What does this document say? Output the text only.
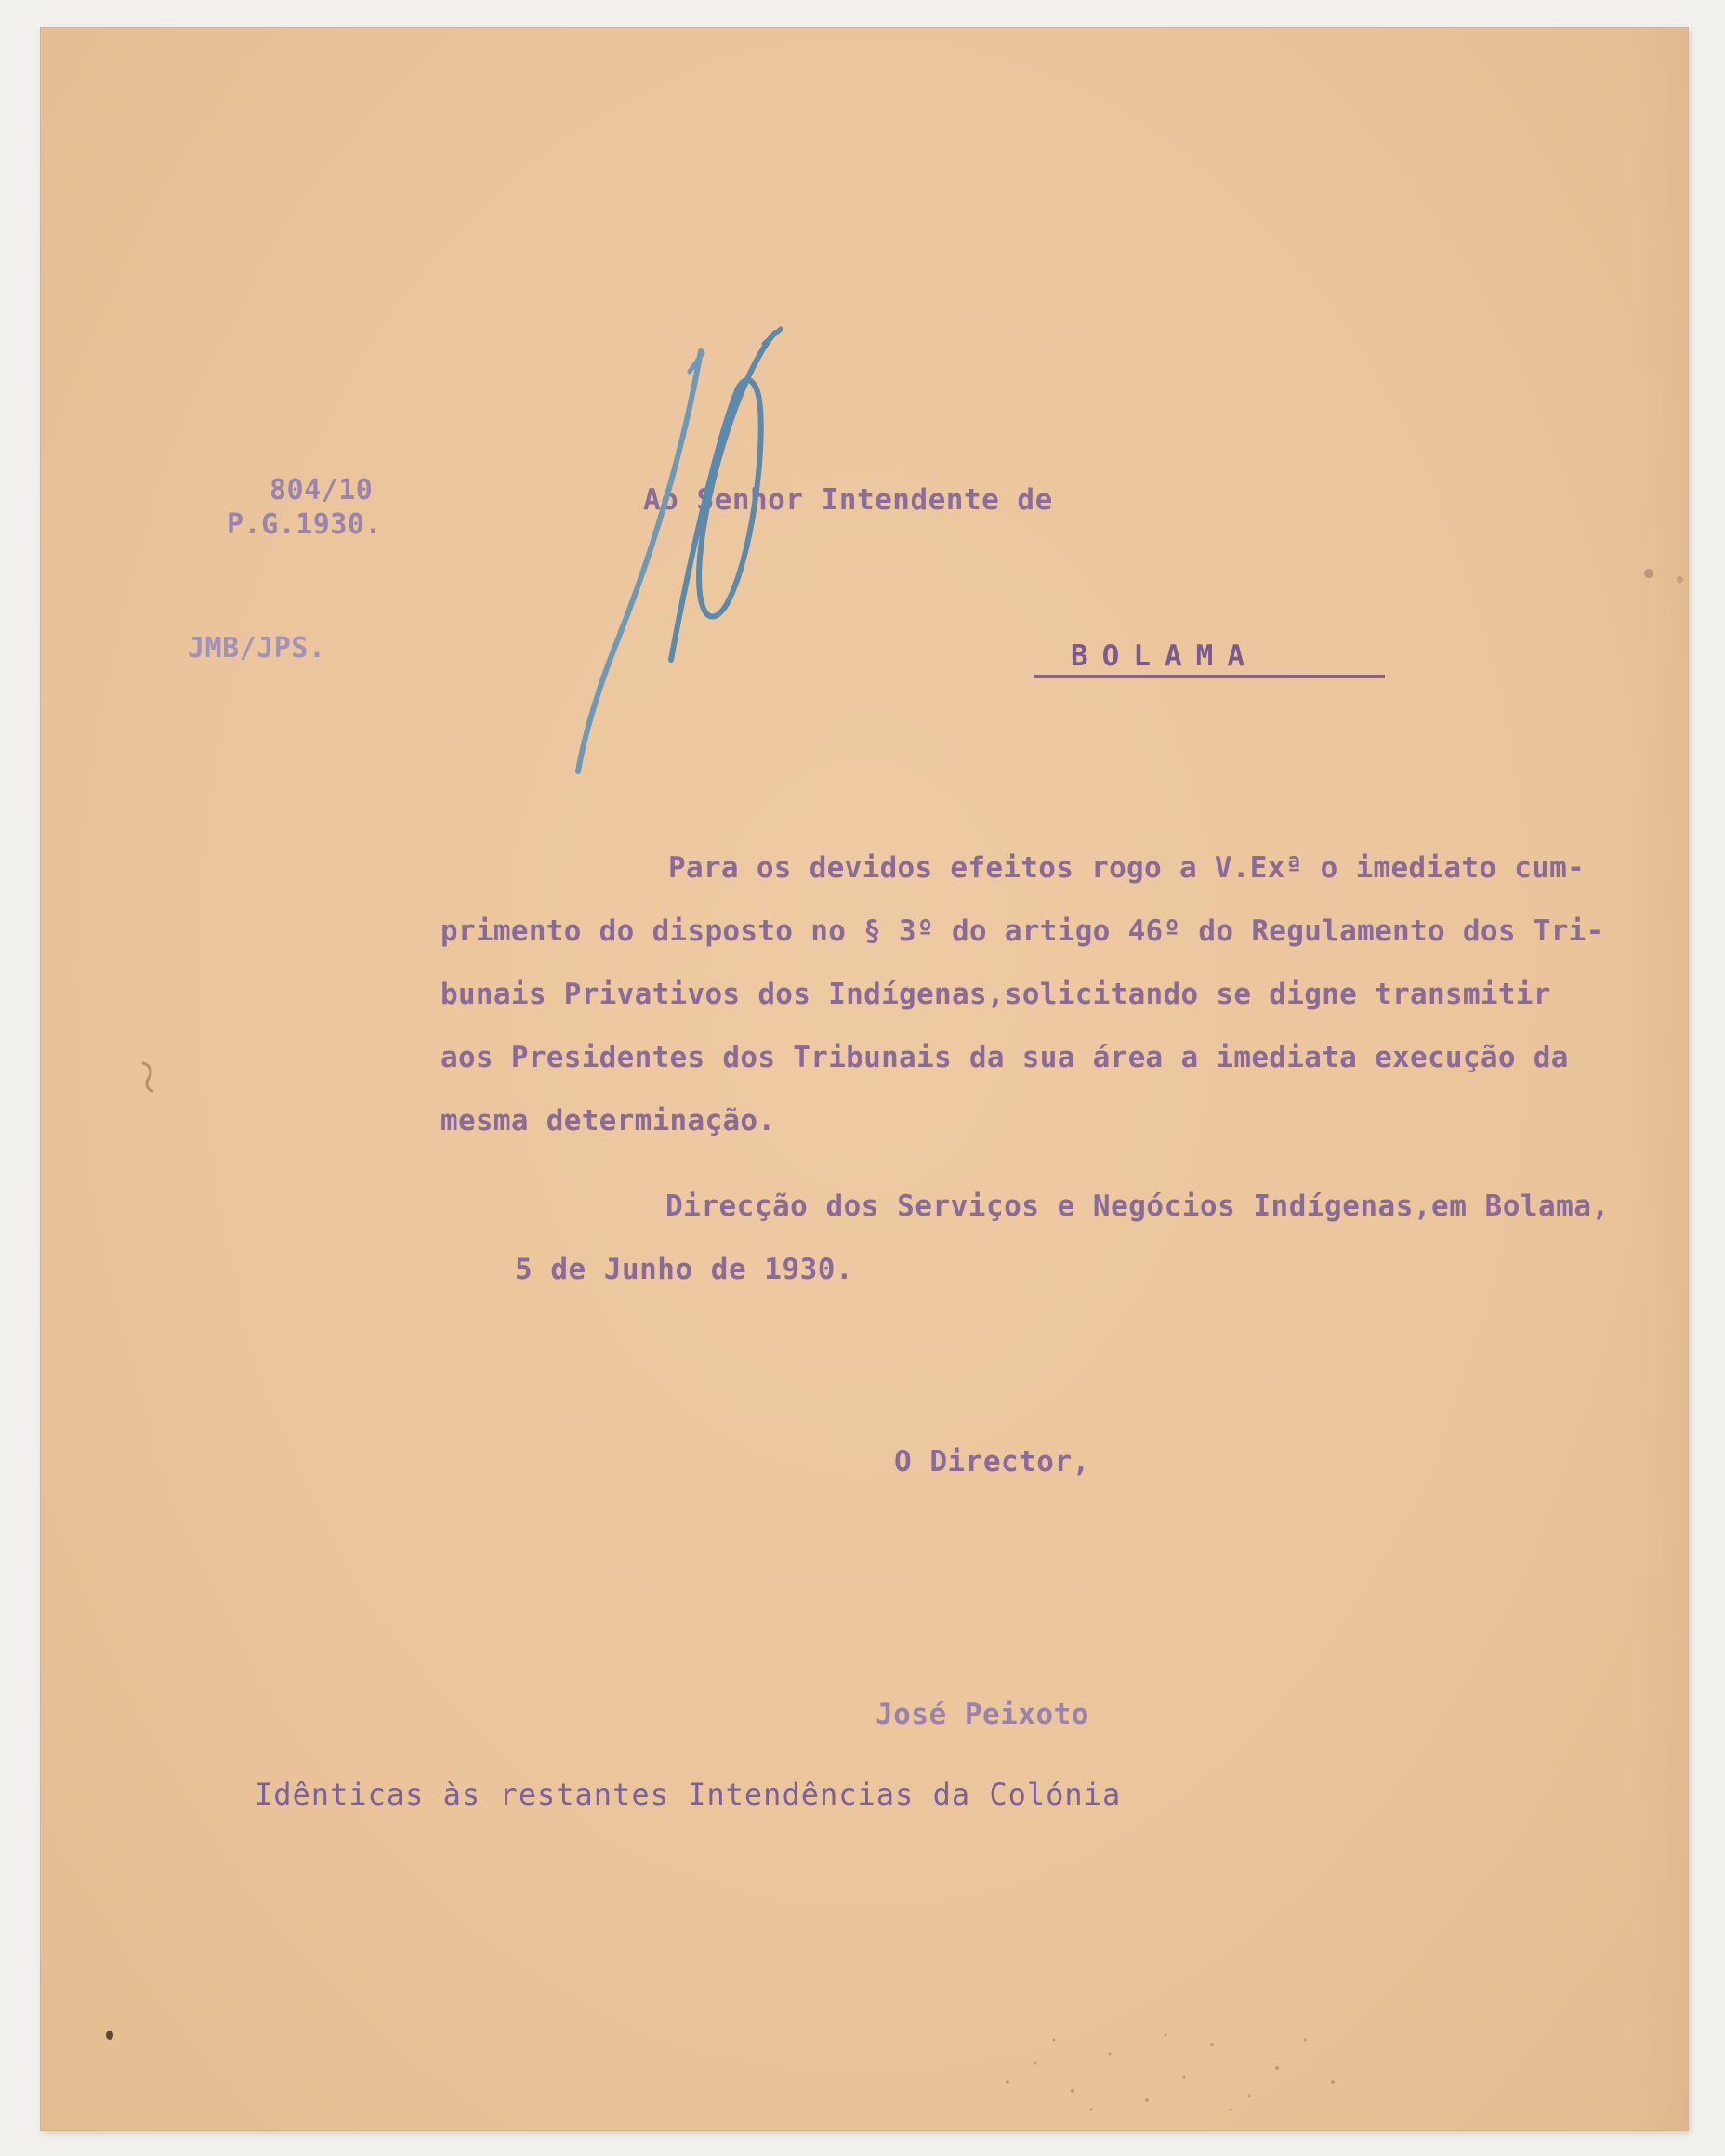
804/10

P.G.1930.

JMB/JPS.

Ao Senhor Intendente de

BOLAMA

Para os devidos efeitos rogo a V.Exª o imediato cum-
primento do disposto no § 3º do artigo 46º do Regulamento dos Tri-
bunais Privativos dos Indígenas,solicitando se digne transmitir
aos Presidentes dos Tribunais da sua área a imediata execução da
mesma determinação.

Direcção dos Serviços e Negócios Indígenas,em Bolama,

5 de Junho de 1930.

O Director,

José Peixoto

Idênticas às restantes Intendências da Colónia
